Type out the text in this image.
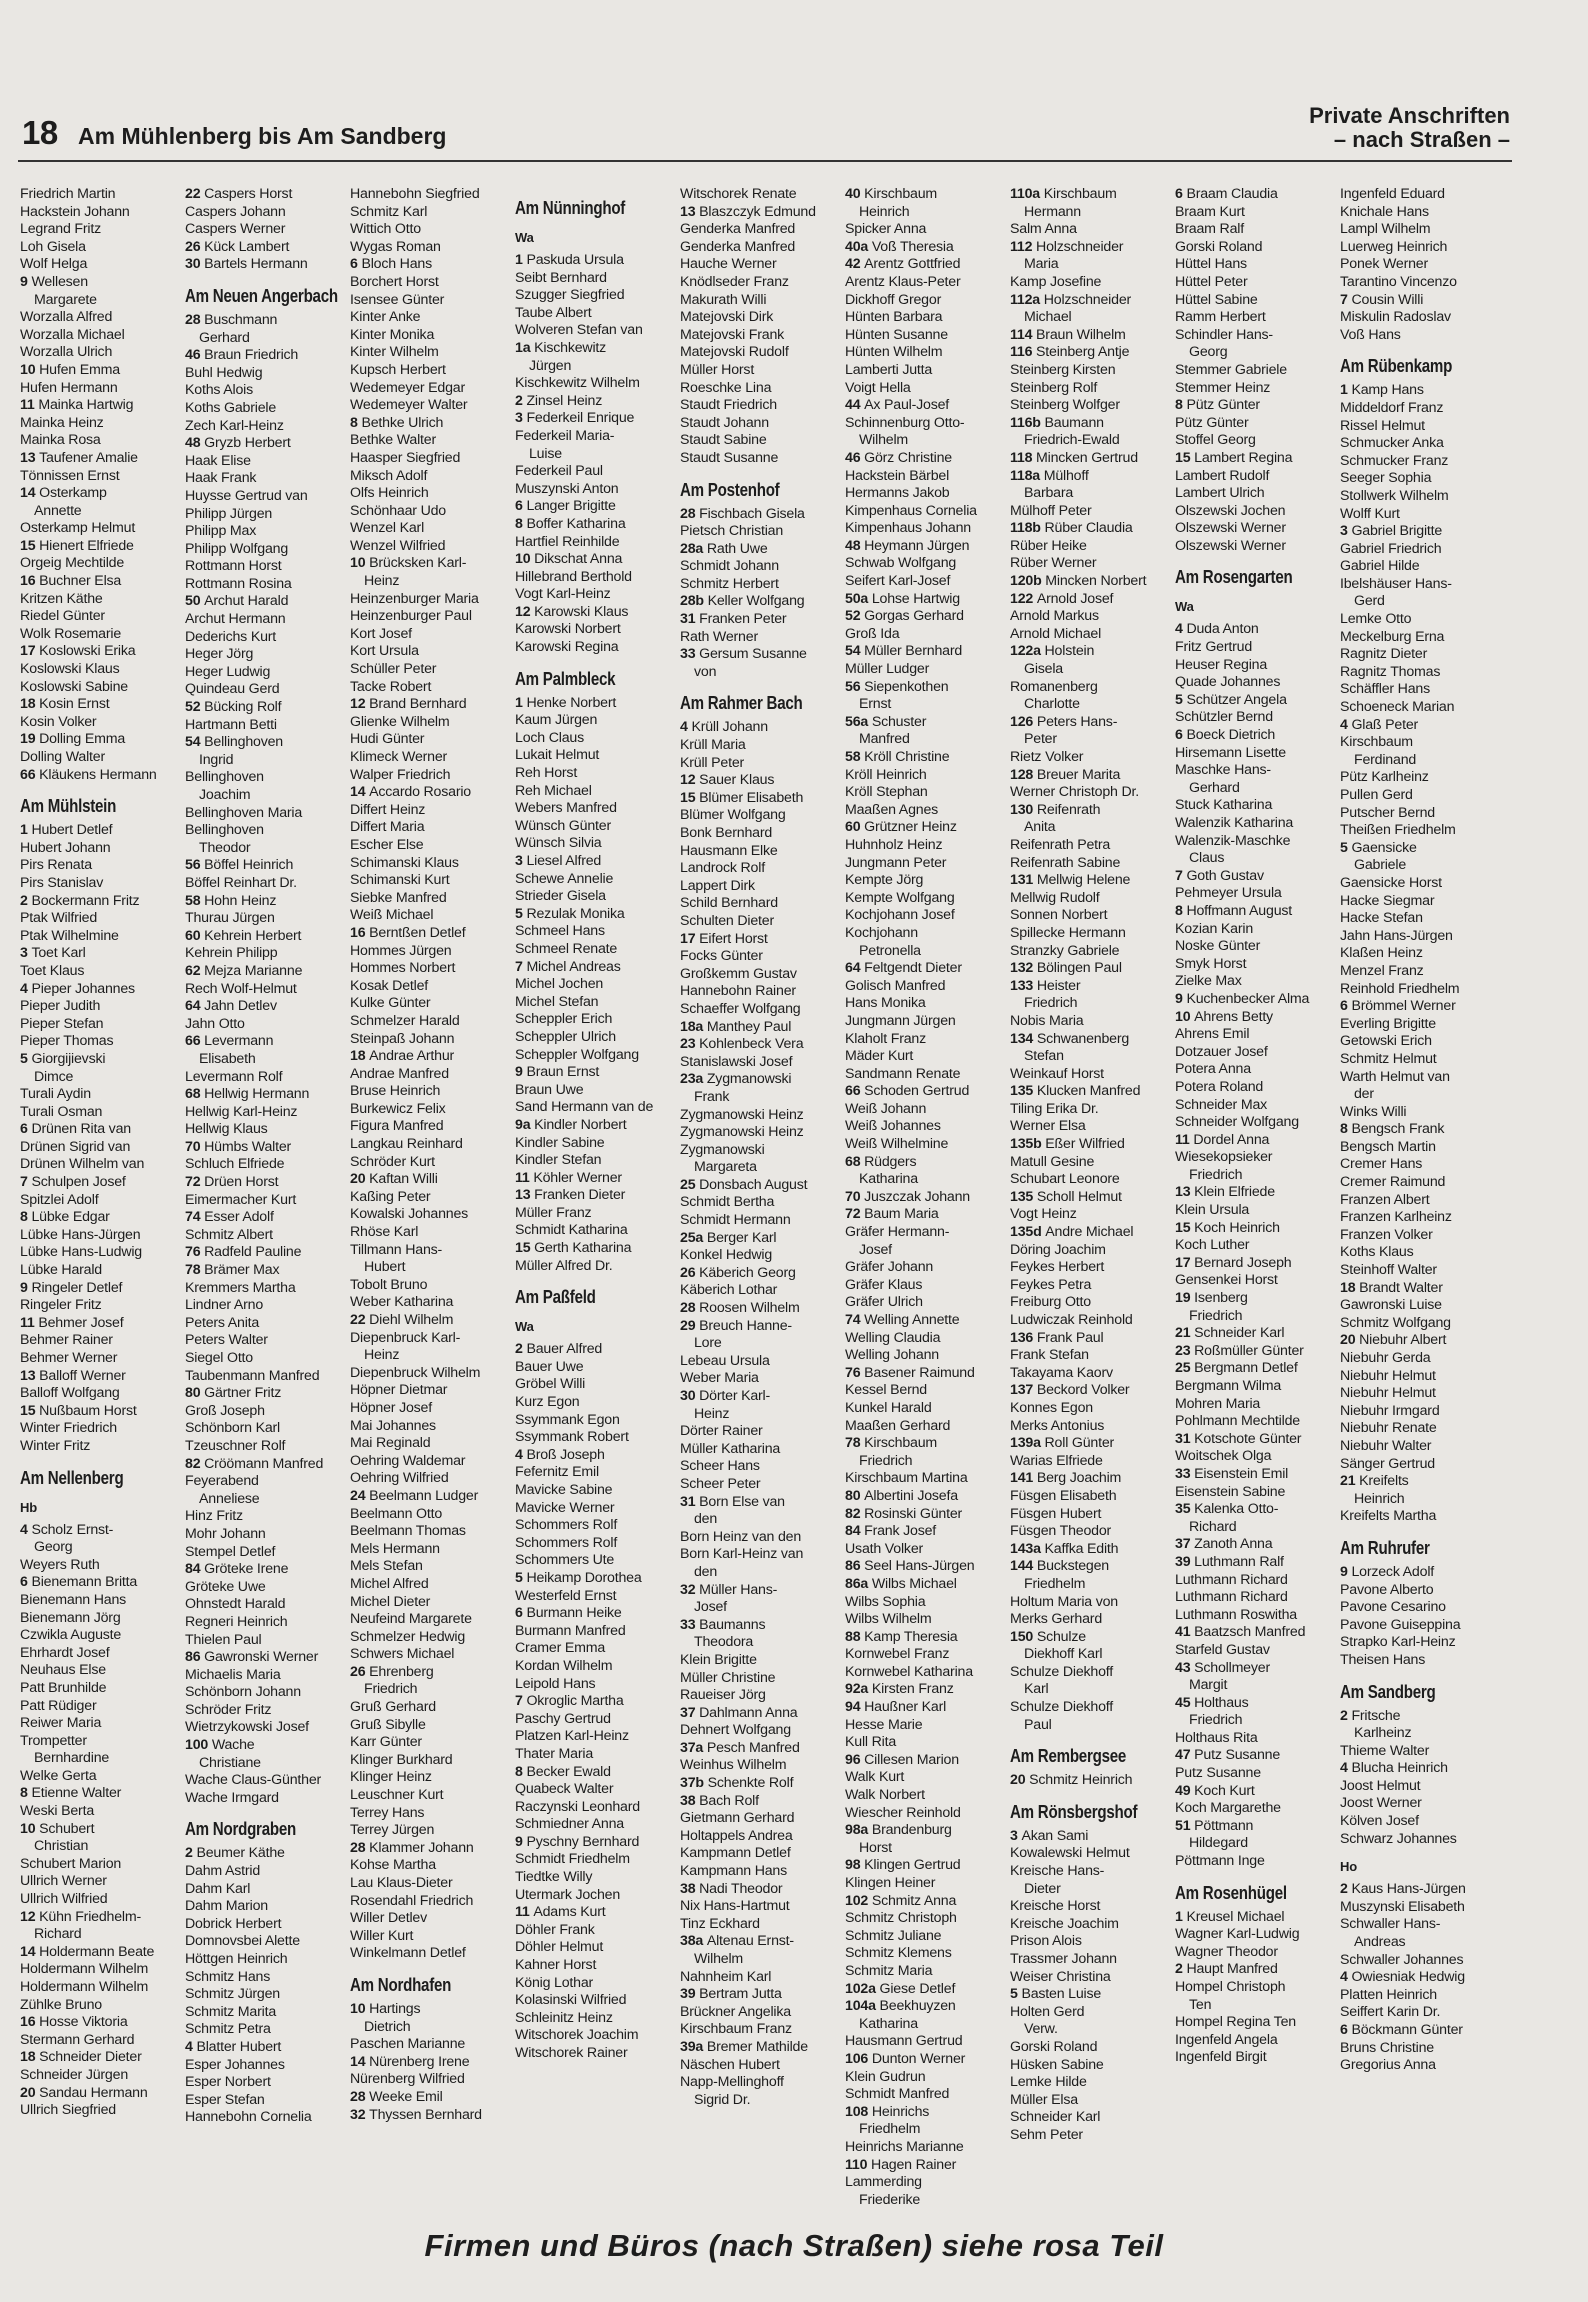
18 Am Mühlenberg bis Am Sandberg
Private Anschriften
– nach Straßen –
Friedrich Martin
Hackstein Johann
Legrand Fritz
Loh Gisela
Wolf Helga
9 Wellesen
 Margarete
Worzalla Alfred
Worzalla Michael
Worzalla Ulrich
10 Hufen Emma
Hufen Hermann
11 Mainka Hartwig
Mainka Heinz
Mainka Rosa
13 Taufener Amalie
Tönnissen Ernst
14 Osterkamp
 Annette
Osterkamp Helmut
15 Hienert Elfriede
Orgeig Mechtilde
16 Buchner Elsa
Kritzen Käthe
Riedel Günter
Wolk Rosemarie
17 Koslowski Erika
Koslowski Klaus
Koslowski Sabine
18 Kosin Ernst
Kosin Volker
19 Dolling Emma
Dolling Walter
66 Kläukens Hermann
Am Mühlstein
1 Hubert Detlef
Hubert Johann
Pirs Renata
Pirs Stanislav
2 Bockermann Fritz
Ptak Wilfried
Ptak Wilhelmine
3 Toet Karl
Toet Klaus
4 Pieper Johannes
Pieper Judith
Pieper Stefan
Pieper Thomas
5 Giorgijievski
 Dimce
Turali Aydin
Turali Osman
6 Drünen Rita van
Drünen Sigrid van
Drünen Wilhelm van
7 Schulpen Josef
Spitzlei Adolf
8 Lübke Edgar
Lübke Hans-Jürgen
Lübke Hans-Ludwig
Lübke Harald
9 Ringeler Detlef
Ringeler Fritz
11 Behmer Josef
Behmer Rainer
Behmer Werner
13 Balloff Werner
Balloff Wolfgang
15 Nußbaum Horst
Winter Friedrich
Winter Fritz
Am Nellenberg
Hb
4 Scholz Ernst-
 Georg
Weyers Ruth
6 Bienemann Britta
Bienemann Hans
Bienemann Jörg
Czwikla Auguste
Ehrhardt Josef
Neuhaus Else
Patt Brunhilde
Patt Rüdiger
Reiwer Maria
Trompetter
 Bernhardine
Welke Gerta
8 Etienne Walter
Weski Berta
10 Schubert
 Christian
Schubert Marion
Ullrich Werner
Ullrich Wilfried
12 Kühn Friedhelm-
 Richard
14 Holdermann Beate
Holdermann Wilhelm
Holdermann Wilhelm
Zühlke Bruno
16 Hosse Viktoria
Stermann Gerhard
18 Schneider Dieter
Schneider Jürgen
20 Sandau Hermann
Ullrich Siegfried
22 Caspers Horst
Caspers Johann
Caspers Werner
26 Kück Lambert
30 Bartels Hermann
Am Neuen Angerbach
28 Buschmann
 Gerhard
46 Braun Friedrich
Buhl Hedwig
Koths Alois
Koths Gabriele
Zech Karl-Heinz
48 Gryzb Herbert
Haak Elise
Haak Frank
Huysse Gertrud van
Philipp Jürgen
Philipp Max
Philipp Wolfgang
Rottmann Horst
Rottmann Rosina
50 Archut Harald
Archut Hermann
Dederichs Kurt
Heger Jörg
Heger Ludwig
Quindeau Gerd
52 Bücking Rolf
Hartmann Betti
54 Bellinghoven
 Ingrid
Bellinghoven
 Joachim
Bellinghoven Maria
Bellinghoven
 Theodor
56 Böffel Heinrich
Böffel Reinhart Dr.
58 Hohn Heinz
Thurau Jürgen
60 Kehrein Herbert
Kehrein Philipp
62 Mejza Marianne
Rech Wolf-Helmut
64 Jahn Detlev
Jahn Otto
66 Levermann
 Elisabeth
Levermann Rolf
68 Hellwig Hermann
Hellwig Karl-Heinz
Hellwig Klaus
70 Hümbs Walter
Schluch Elfriede
72 Drüen Horst
Eimermacher Kurt
74 Esser Adolf
Schmitz Albert
76 Radfeld Pauline
78 Brämer Max
Kremmers Martha
Lindner Arno
Peters Anita
Peters Walter
Siegel Otto
Taubenmann Manfred
80 Gärtner Fritz
Groß Joseph
Schönborn Karl
Tzeuschner Rolf
82 Cröömann Manfred
Feyerabend
 Anneliese
Hinz Fritz
Mohr Johann
Stempel Detlef
84 Gröteke Irene
Gröteke Uwe
Ohnstedt Harald
Regneri Heinrich
Thielen Paul
86 Gawronski Werner
Michaelis Maria
Schönborn Johann
Schröder Fritz
Wietrzykowski Josef
100 Wache
 Christiane
Wache Claus-Günther
Wache Irmgard
Am Nordgraben
2 Beumer Käthe
Dahm Astrid
Dahm Karl
Dahm Marion
Dobrick Herbert
Domnovsbei Alette
Höttgen Heinrich
Schmitz Hans
Schmitz Jürgen
Schmitz Marita
Schmitz Petra
4 Blatter Hubert
Esper Johannes
Esper Norbert
Esper Stefan
Hannebohn Cornelia
Hannebohn Siegfried
Schmitz Karl
Wittich Otto
Wygas Roman
6 Bloch Hans
Borchert Horst
Isensee Günter
Kinter Anke
Kinter Monika
Kinter Wilhelm
Kupsch Herbert
Wedemeyer Edgar
Wedemeyer Walter
8 Bethke Ulrich
Bethke Walter
Haasper Siegfried
Miksch Adolf
Olfs Heinrich
Schönhaar Udo
Wenzel Karl
Wenzel Wilfried
10 Brücksken Karl-
 Heinz
Heinzenburger Maria
Heinzenburger Paul
Kort Josef
Kort Ursula
Schüller Peter
Tacke Robert
12 Brand Bernhard
Glienke Wilhelm
Hudi Günter
Klimeck Werner
Walper Friedrich
14 Accardo Rosario
Differt Heinz
Differt Maria
Escher Else
Schimanski Klaus
Schimanski Kurt
Siebke Manfred
Weiß Michael
16 Berntßen Detlef
Hommes Jürgen
Hommes Norbert
Kosak Detlef
Kulke Günter
Schmelzer Harald
Steinpaß Johann
18 Andrae Arthur
Andrae Manfred
Bruse Heinrich
Burkewicz Felix
Figura Manfred
Langkau Reinhard
Schröder Kurt
20 Kaftan Willi
Kaßing Peter
Kowalski Johannes
Rhöse Karl
Tillmann Hans-
 Hubert
Tobolt Bruno
Weber Katharina
22 Diehl Wilhelm
Diepenbruck Karl-
 Heinz
Diepenbruck Wilhelm
Höpner Dietmar
Höpner Josef
Mai Johannes
Mai Reginald
Oehring Waldemar
Oehring Wilfried
24 Beelmann Ludger
Beelmann Otto
Beelmann Thomas
Mels Hermann
Mels Stefan
Michel Alfred
Michel Dieter
Neufeind Margarete
Schmelzer Hedwig
Schwers Michael
26 Ehrenberg
 Friedrich
Gruß Gerhard
Gruß Sibylle
Karr Günter
Klinger Burkhard
Klinger Heinz
Leuschner Kurt
Terrey Hans
Terrey Jürgen
28 Klammer Johann
Kohse Martha
Lau Klaus-Dieter
Rosendahl Friedrich
Willer Detlev
Willer Kurt
Winkelmann Detlef
Am Nordhafen
10 Hartings
 Dietrich
Paschen Marianne
14 Nürenberg Irene
Nürenberg Wilfried
28 Weeke Emil
32 Thyssen Bernhard
Am Nünninghof
Wa
1 Paskuda Ursula
Seibt Bernhard
Szugger Siegfried
Taube Albert
Wolveren Stefan van
1a Kischkewitz
 Jürgen
Kischkewitz Wilhelm
2 Zinsel Heinz
3 Federkeil Enrique
Federkeil Maria-
 Luise
Federkeil Paul
Muszynski Anton
6 Langer Brigitte
8 Boffer Katharina
Hartfiel Reinhilde
10 Dikschat Anna
Hillebrand Berthold
Vogt Karl-Heinz
12 Karowski Klaus
Karowski Norbert
Karowski Regina
Am Palmbleck
1 Henke Norbert
Kaum Jürgen
Loch Claus
Lukait Helmut
Reh Horst
Reh Michael
Webers Manfred
Wünsch Günter
Wünsch Silvia
3 Liesel Alfred
Schewe Annelie
Strieder Gisela
5 Rezulak Monika
Schmeel Hans
Schmeel Renate
7 Michel Andreas
Michel Jochen
Michel Stefan
Scheppler Erich
Scheppler Ulrich
Scheppler Wolfgang
9 Braun Ernst
Braun Uwe
Sand Hermann van de
9a Kindler Norbert
Kindler Sabine
Kindler Stefan
11 Köhler Werner
13 Franken Dieter
Müller Franz
Schmidt Katharina
15 Gerth Katharina
Müller Alfred Dr.
Am Paßfeld
Wa
2 Bauer Alfred
Bauer Uwe
Gröbel Willi
Kurz Egon
Ssymmank Egon
Ssymmank Robert
4 Broß Joseph
Fefernitz Emil
Mavicke Sabine
Mavicke Werner
Schommers Rolf
Schommers Rolf
Schommers Ute
5 Heikamp Dorothea
Westerfeld Ernst
6 Burmann Heike
Burmann Manfred
Cramer Emma
Kordan Wilhelm
Leipold Hans
7 Okroglic Martha
Paschy Gertrud
Platzen Karl-Heinz
Thater Maria
8 Becker Ewald
Quabeck Walter
Raczynski Leonhard
Schmiedner Anna
9 Pyschny Bernhard
Schmidt Friedhelm
Tiedtke Willy
Utermark Jochen
11 Adams Kurt
Döhler Frank
Döhler Helmut
Kahner Horst
König Lothar
Kolasinski Wilfried
Schleinitz Heinz
Witschorek Joachim
Witschorek Rainer
Witschorek Renate
13 Blaszczyk Edmund
Genderka Manfred
Genderka Manfred
Hauche Werner
Knödlseder Franz
Makurath Willi
Matejovski Dirk
Matejovski Frank
Matejovski Rudolf
Müller Horst
Roeschke Lina
Staudt Friedrich
Staudt Johann
Staudt Sabine
Staudt Susanne
Am Postenhof
28 Fischbach Gisela
Pietsch Christian
28a Rath Uwe
Schmidt Johann
Schmitz Herbert
28b Keller Wolfgang
31 Franken Peter
Rath Werner
33 Gersum Susanne
 von
Am Rahmer Bach
4 Krüll Johann
Krüll Maria
Krüll Peter
12 Sauer Klaus
15 Blümer Elisabeth
Blümer Wolfgang
Bonk Bernhard
Hausmann Elke
Landrock Rolf
Lappert Dirk
Schild Bernhard
Schulten Dieter
17 Eifert Horst
Focks Günter
Großkemm Gustav
Hannebohn Rainer
Schaeffer Wolfgang
18a Manthey Paul
23 Kohlenbeck Vera
Stanislawski Josef
23a Zygmanowski
 Frank
Zygmanowski Heinz
Zygmanowski Heinz
Zygmanowski
 Margareta
25 Donsbach August
Schmidt Bertha
Schmidt Hermann
25a Berger Karl
Konkel Hedwig
26 Käberich Georg
Käberich Lothar
28 Roosen Wilhelm
29 Breuch Hanne-
 Lore
Lebeau Ursula
Weber Maria
30 Dörter Karl-
 Heinz
Dörter Rainer
Müller Katharina
Scheer Hans
Scheer Peter
31 Born Else van
 den
Born Heinz van den
Born Karl-Heinz van
 den
32 Müller Hans-
 Josef
33 Baumanns
 Theodora
Klein Brigitte
Müller Christine
Raueiser Jörg
37 Dahlmann Anna
Dehnert Wolfgang
37a Pesch Manfred
Weinhus Wilhelm
37b Schenkte Rolf
38 Bach Rolf
Gietmann Gerhard
Holtappels Andrea
Kampmann Detlef
Kampmann Hans
38 Nadi Theodor
Nix Hans-Hartmut
Tinz Eckhard
38a Altenau Ernst-
 Wilhelm
Nahnheim Karl
39 Bertram Jutta
Brückner Angelika
Kirschbaum Franz
39a Bremer Mathilde
Näschen Hubert
Napp-Mellinghoff
 Sigrid Dr.
40 Kirschbaum
 Heinrich
Spicker Anna
40a Voß Theresia
42 Arentz Gottfried
Arentz Klaus-Peter
Dickhoff Gregor
Hünten Barbara
Hünten Susanne
Hünten Wilhelm
Lamberti Jutta
Voigt Hella
44 Ax Paul-Josef
Schinnenburg Otto-
 Wilhelm
46 Görz Christine
Hackstein Bärbel
Hermanns Jakob
Kimpenhaus Cornelia
Kimpenhaus Johann
48 Heymann Jürgen
Schwab Wolfgang
Seifert Karl-Josef
50a Lohse Hartwig
52 Gorgas Gerhard
Groß Ida
54 Müller Bernhard
Müller Ludger
56 Siepenkothen
 Ernst
56a Schuster
 Manfred
58 Kröll Christine
Kröll Heinrich
Kröll Stephan
Maaßen Agnes
60 Grützner Heinz
Huhnholz Heinz
Jungmann Peter
Kempte Jörg
Kempte Wolfgang
Kochjohann Josef
Kochjohann
 Petronella
64 Feltgendt Dieter
Golisch Manfred
Hans Monika
Jungmann Jürgen
Klaholt Franz
Mäder Kurt
Sandmann Renate
66 Schoden Gertrud
Weiß Johann
Weiß Johannes
Weiß Wilhelmine
68 Rüdgers
 Katharina
70 Juszczak Johann
72 Baum Maria
Gräfer Hermann-
 Josef
Gräfer Johann
Gräfer Klaus
Gräfer Ulrich
74 Welling Annette
Welling Claudia
Welling Johann
76 Basener Raimund
Kessel Bernd
Kunkel Harald
Maaßen Gerhard
78 Kirschbaum
 Friedrich
Kirschbaum Martina
80 Albertini Josefa
82 Rosinski Günter
84 Frank Josef
Usath Volker
86 Seel Hans-Jürgen
86a Wilbs Michael
Wilbs Sophia
Wilbs Wilhelm
88 Kamp Theresia
Kornwebel Franz
Kornwebel Katharina
92a Kirsten Franz
94 Haußner Karl
Hesse Marie
Kull Rita
96 Cillesen Marion
Walk Kurt
Walk Norbert
Wiescher Reinhold
98a Brandenburg
 Horst
98 Klingen Gertrud
Klingen Heiner
102 Schmitz Anna
Schmitz Christoph
Schmitz Juliane
Schmitz Klemens
Schmitz Maria
102a Giese Detlef
104a Beekhuyzen
 Katharina
Hausmann Gertrud
106 Dunton Werner
Klein Gudrun
Schmidt Manfred
108 Heinrichs
 Friedhelm
Heinrichs Marianne
110 Hagen Rainer
Lammerding
 Friederike
110a Kirschbaum
 Hermann
Salm Anna
112 Holzschneider
 Maria
Kamp Josefine
112a Holzschneider
 Michael
114 Braun Wilhelm
116 Steinberg Antje
Steinberg Kirsten
Steinberg Rolf
Steinberg Wolfger
116b Baumann
 Friedrich-Ewald
118 Mincken Gertrud
118a Mülhoff
 Barbara
Mülhoff Peter
118b Rüber Claudia
Rüber Heike
Rüber Werner
120b Mincken Norbert
122 Arnold Josef
Arnold Markus
Arnold Michael
122a Holstein
 Gisela
Romanenberg
 Charlotte
126 Peters Hans-
 Peter
Rietz Volker
128 Breuer Marita
Werner Christoph Dr.
130 Reifenrath
 Anita
Reifenrath Petra
Reifenrath Sabine
131 Mellwig Helene
Mellwig Rudolf
Sonnen Norbert
Spillecke Hermann
Stranzky Gabriele
132 Bölingen Paul
133 Heister
 Friedrich
Nobis Maria
134 Schwanenberg
 Stefan
Weinkauf Horst
135 Klucken Manfred
Tiling Erika Dr.
Werner Elsa
135b Eßer Wilfried
Matull Gesine
Schubart Leonore
135 Scholl Helmut
Vogt Heinz
135d Andre Michael
Döring Joachim
Feykes Herbert
Feykes Petra
Freiburg Otto
Ludwiczak Reinhold
136 Frank Paul
Frank Stefan
Takayama Kaorv
137 Beckord Volker
Konnes Egon
Merks Antonius
139a Roll Günter
Warias Elfriede
141 Berg Joachim
Füsgen Elisabeth
Füsgen Hubert
Füsgen Theodor
143a Kaffka Edith
144 Buckstegen
 Friedhelm
Holtum Maria von
Merks Gerhard
150 Schulze
 Diekhoff Karl
Schulze Diekhoff
 Karl
Schulze Diekhoff
 Paul
Am Rembergsee
20 Schmitz Heinrich
Am Rönsbergshof
3 Akan Sami
Kowalewski Helmut
Kreische Hans-
 Dieter
Kreische Horst
Kreische Joachim
Prison Alois
Trassmer Johann
Weiser Christina
5 Basten Luise
Holten Gerd
 Verw.
Gorski Roland
Hüsken Sabine
Lemke Hilde
Müller Elsa
Schneider Karl
Sehm Peter
6 Braam Claudia
Braam Kurt
Braam Ralf
Gorski Roland
Hüttel Hans
Hüttel Peter
Hüttel Sabine
Ramm Herbert
Schindler Hans-
 Georg
Stemmer Gabriele
Stemmer Heinz
8 Pütz Günter
Pütz Günter
Stoffel Georg
15 Lambert Regina
Lambert Rudolf
Lambert Ulrich
Olszewski Jochen
Olszewski Werner
Olszewski Werner
Am Rosengarten
Wa
4 Duda Anton
Fritz Gertrud
Heuser Regina
Quade Johannes
5 Schützer Angela
Schützler Bernd
6 Boeck Dietrich
Hirsemann Lisette
Maschke Hans-
 Gerhard
Stuck Katharina
Walenzik Katharina
Walenzik-Maschke
 Claus
7 Goth Gustav
Pehmeyer Ursula
8 Hoffmann August
Kozian Karin
Noske Günter
Smyk Horst
Zielke Max
9 Kuchenbecker Alma
10 Ahrens Betty
Ahrens Emil
Dotzauer Josef
Potera Anna
Potera Roland
Schneider Max
Schneider Wolfgang
11 Dordel Anna
Wiesekopsieker
 Friedrich
13 Klein Elfriede
Klein Ursula
15 Koch Heinrich
Koch Luther
17 Bernard Joseph
Gensenkei Horst
19 Isenberg
 Friedrich
21 Schneider Karl
23 Roßmüller Günter
25 Bergmann Detlef
Bergmann Wilma
Mohren Maria
Pohlmann Mechtilde
31 Kotschote Günter
Woitschek Olga
33 Eisenstein Emil
Eisenstein Sabine
35 Kalenka Otto-
 Richard
37 Zanoth Anna
39 Luthmann Ralf
Luthmann Richard
Luthmann Richard
Luthmann Roswitha
41 Baatzsch Manfred
Starfeld Gustav
43 Schollmeyer
 Margit
45 Holthaus
 Friedrich
Holthaus Rita
47 Putz Susanne
Putz Susanne
49 Koch Kurt
Koch Margarethe
51 Pöttmann
 Hildegard
Pöttmann Inge
Am Rosenhügel
1 Kreusel Michael
Wagner Karl-Ludwig
Wagner Theodor
2 Haupt Manfred
Hompel Christoph
 Ten
Hompel Regina Ten
Ingenfeld Angela
Ingenfeld Birgit
Ingenfeld Eduard
Knichale Hans
Lampl Wilhelm
Luerweg Heinrich
Ponek Werner
Tarantino Vincenzo
7 Cousin Willi
Miskulin Radoslav
Voß Hans
Am Rübenkamp
1 Kamp Hans
Middeldorf Franz
Rissel Helmut
Schmucker Anka
Schmucker Franz
Seeger Sophia
Stollwerk Wilhelm
Wolff Kurt
3 Gabriel Brigitte
Gabriel Friedrich
Gabriel Hilde
Ibelshäuser Hans-
 Gerd
Lemke Otto
Meckelburg Erna
Ragnitz Dieter
Ragnitz Thomas
Schäffler Hans
Schoeneck Marian
4 Glaß Peter
Kirschbaum
 Ferdinand
Pütz Karlheinz
Pullen Gerd
Putscher Bernd
Theißen Friedhelm
5 Gaensicke
 Gabriele
Gaensicke Horst
Hacke Siegmar
Hacke Stefan
Jahn Hans-Jürgen
Klaßen Heinz
Menzel Franz
Reinhold Friedhelm
6 Brömmel Werner
Everling Brigitte
Getowski Erich
Schmitz Helmut
Warth Helmut van
 der
Winks Willi
8 Bengsch Frank
Bengsch Martin
Cremer Hans
Cremer Raimund
Franzen Albert
Franzen Karlheinz
Franzen Volker
Koths Klaus
Steinhoff Walter
18 Brandt Walter
Gawronski Luise
Schmitz Wolfgang
20 Niebuhr Albert
Niebuhr Gerda
Niebuhr Helmut
Niebuhr Helmut
Niebuhr Irmgard
Niebuhr Renate
Niebuhr Walter
Sänger Gertrud
21 Kreifelts
 Heinrich
Kreifelts Martha
Am Ruhrufer
9 Lorzeck Adolf
Pavone Alberto
Pavone Cesarino
Pavone Guiseppina
Strapko Karl-Heinz
Theisen Hans
Am Sandberg
2 Fritsche
 Karlheinz
Thieme Walter
4 Blucha Heinrich
Joost Helmut
Joost Werner
Kölven Josef
Schwarz Johannes
Ho
2 Kaus Hans-Jürgen
Muszynski Elisabeth
Schwaller Hans-
 Andreas
Schwaller Johannes
4 Owiesniak Hedwig
Platten Heinrich
Seiffert Karin Dr.
6 Böckmann Günter
Bruns Christine
Gregorius Anna
Firmen und Büros (nach Straßen) siehe rosa Teil
